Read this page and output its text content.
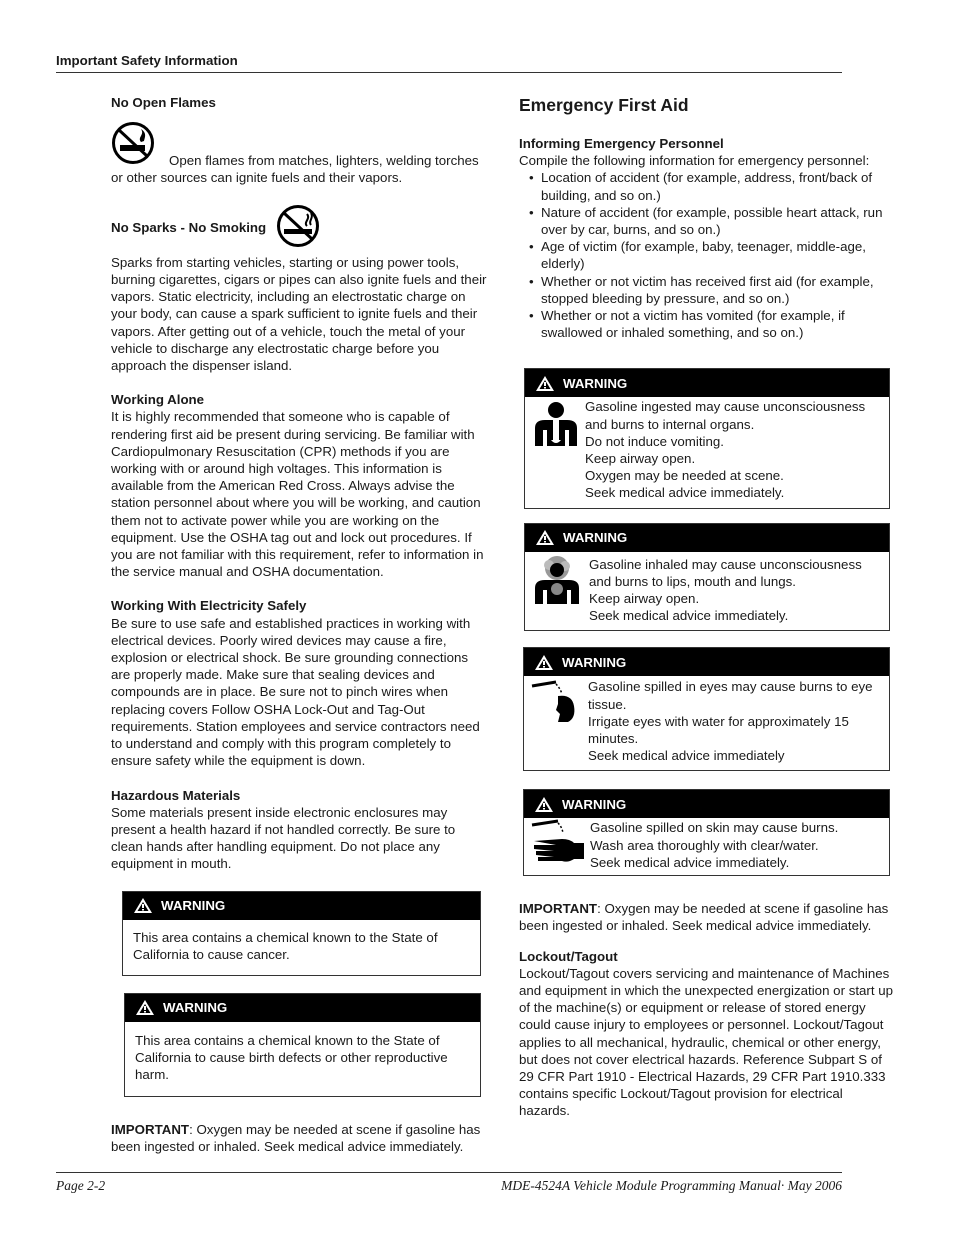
Important Safety Information

No Open Flames

Open flames from matches, lighters, welding torches or other sources can ignite fuels and their vapors.

No Sparks - No Smoking

Sparks from starting vehicles, starting or using power tools, burning cigarettes, cigars or pipes can also ignite fuels and their vapors. Static electricity, including an electrostatic charge on your body, can cause a spark sufficient to ignite fuels and their vapors. After getting out of a vehicle, touch the metal of your vehicle to discharge any electrostatic charge before you approach the dispenser island.

Working Alone

It is highly recommended that someone who is capable of rendering first aid be present during servicing. Be familiar with Cardiopulmonary Resuscitation (CPR) methods if you are working with or around high voltages. This information is available from the American Red Cross. Always advise the station personnel about where you will be working, and caution them not to activate power while you are working on the equipment. Use the OSHA tag out and lock out procedures. If you are not familiar with this requirement, refer to information in the service manual and OSHA documentation.

Working With Electricity Safely

Be sure to use safe and established practices in working with electrical devices. Poorly wired devices may cause a fire, explosion or electrical shock. Be sure grounding connections are properly made. Make sure that sealing devices and compounds are in place. Be sure not to pinch wires when replacing covers Follow OSHA Lock-Out and Tag-Out requirements. Station employees and service contractors need to understand and comply with this program completely to ensure safety while the equipment is down.

Hazardous Materials

Some materials present inside electronic enclosures may present a health hazard if not handled correctly. Be sure to clean hands after handling equipment. Do not place any equipment in mouth.

WARNING
This area contains a chemical known to the State of California to cause cancer.
WARNING
This area contains a chemical known to the State of California to cause birth defects or other reproductive harm.

IMPORTANT: Oxygen may be needed at scene if gasoline has been ingested or inhaled. Seek medical advice immediately.

Emergency First Aid

Informing Emergency Personnel

Compile the following information for emergency personnel:

• Location of accident (for example, address, front/back of building, and so on.)
• Nature of accident (for example, possible heart attack, run over by car, burns, and so on.)
• Age of victim (for example, baby, teenager, middle-age, elderly)
• Whether or not victim has received first aid (for example, stopped bleeding by pressure, and so on.)
• Whether or not a victim has vomited (for example, if swallowed or inhaled something, and so on.)
WARNING
Gasoline ingested may cause unconsciousness and burns to internal organs.
Do not induce vomiting.
Keep airway open.
Oxygen may be needed at scene.
Seek medical advice immediately.
WARNING
Gasoline inhaled may cause unconsciousness and burns to lips, mouth and lungs.
Keep airway open.
Seek medical advice immediately.
WARNING
Gasoline spilled in eyes may cause burns to eye tissue.
Irrigate eyes with water for approximately 15 minutes.
Seek medical advice immediately
WARNING
Gasoline spilled on skin may cause burns.
Wash area thoroughly with clear/water.
Seek medical advice immediately.

IMPORTANT: Oxygen may be needed at scene if gasoline has been ingested or inhaled. Seek medical advice immediately.

Lockout/Tagout

Lockout/Tagout covers servicing and maintenance of Machines and equipment in which the unexpected energization or start up of the machine(s) or equipment or release of stored energy could cause injury to employees or personnel. Lockout/Tagout applies to all mechanical, hydraulic, chemical or other energy, but does not cover electrical hazards. Reference Subpart S of 29 CFR Part 1910 - Electrical Hazards, 29 CFR Part 1910.333 contains specific Lockout/Tagout provision for electrical hazards.

Page 2-2	MDE-4524A Vehicle Module Programming Manual· May 2006
